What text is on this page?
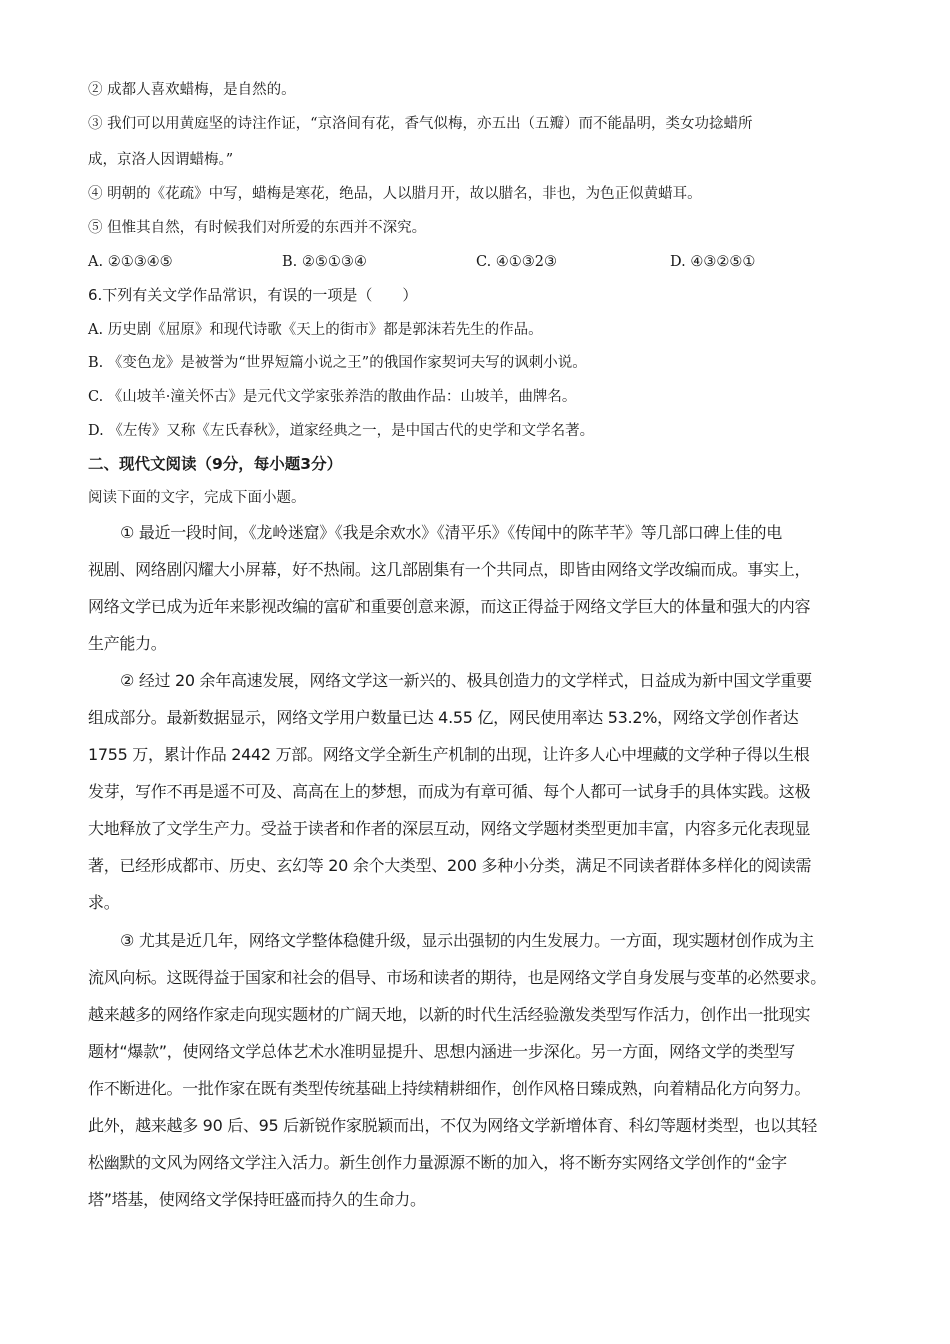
② 成都人喜欢蜡梅，是自然的。
③ 我们可以用黄庭坚的诗注作证，“京洛间有花，香气似梅，亦五出（五瓣）而不能晶明，类女功捻蜡所
成，京洛人因谓蜡梅。”
④ 明朝的《花疏》中写，蜡梅是寒花，绝品，人以腊月开，故以腊名，非也，为色正似黄蜡耳。
⑤ 但惟其自然，有时候我们对所爱的东西并不深究。
A. ②①③④⑤	B. ②⑤①③④	C. ④①③2③	D. ④③②⑤①
6.下列有关文学作品常识，有误的一项是（　　）
A. 历史剧《屈原》和现代诗歌《天上的街市》都是郭沫若先生的作品。
B. 《变色龙》是被誉为“世界短篇小说之王”的俄国作家契诃夫写的讽刺小说。
C. 《山坡羊·潼关怀古》是元代文学家张养浩的散曲作品：山坡羊，曲牌名。
D. 《左传》又称《左氏春秋》，道家经典之一，是中国古代的史学和文学名著。
二、现代文阅读（9分，每小题3分）
阅读下面的文字，完成下面小题。
① 最近一段时间，《龙岭迷窟》《我是余欢水》《清平乐》《传闻中的陈芊芊》等几部口碑上佳的电
视剧、网络剧闪耀大小屏幕，好不热闹。这几部剧集有一个共同点，即皆由网络文学改编而成。事实上，
网络文学已成为近年来影视改编的富矿和重要创意来源，而这正得益于网络文学巨大的体量和强大的内容
生产能力。
② 经过 20 余年高速发展，网络文学这一新兴的、极具创造力的文学样式，日益成为新中国文学重要
组成部分。最新数据显示，网络文学用户数量已达 4.55 亿，网民使用率达 53.2%，网络文学创作者达
1755 万，累计作品 2442 万部。网络文学全新生产机制的出现，让许多人心中埋藏的文学种子得以生根
发芽，写作不再是遥不可及、高高在上的梦想，而成为有章可循、每个人都可一试身手的具体实践。这极
大地释放了文学生产力。受益于读者和作者的深层互动，网络文学题材类型更加丰富，内容多元化表现显
著，已经形成都市、历史、玄幻等 20 余个大类型、200 多种小分类，满足不同读者群体多样化的阅读需
求。
③ 尤其是近几年，网络文学整体稳健升级，显示出强韧的内生发展力。一方面，现实题材创作成为主
流风向标。这既得益于国家和社会的倡导、市场和读者的期待，也是网络文学自身发展与变革的必然要求。
越来越多的网络作家走向现实题材的广阔天地，以新的时代生活经验激发类型写作活力，创作出一批现实
题材“爆款”，使网络文学总体艺术水准明显提升、思想内涵进一步深化。另一方面，网络文学的类型写
作不断进化。一批作家在既有类型传统基础上持续精耕细作，创作风格日臻成熟，向着精品化方向努力。
此外，越来越多 90 后、95 后新锐作家脱颖而出，不仅为网络文学新增体育、科幻等题材类型，也以其轻
松幽默的文风为网络文学注入活力。新生创作力量源源不断的加入，将不断夯实网络文学创作的“金字
塔”塔基，使网络文学保持旺盛而持久的生命力。
